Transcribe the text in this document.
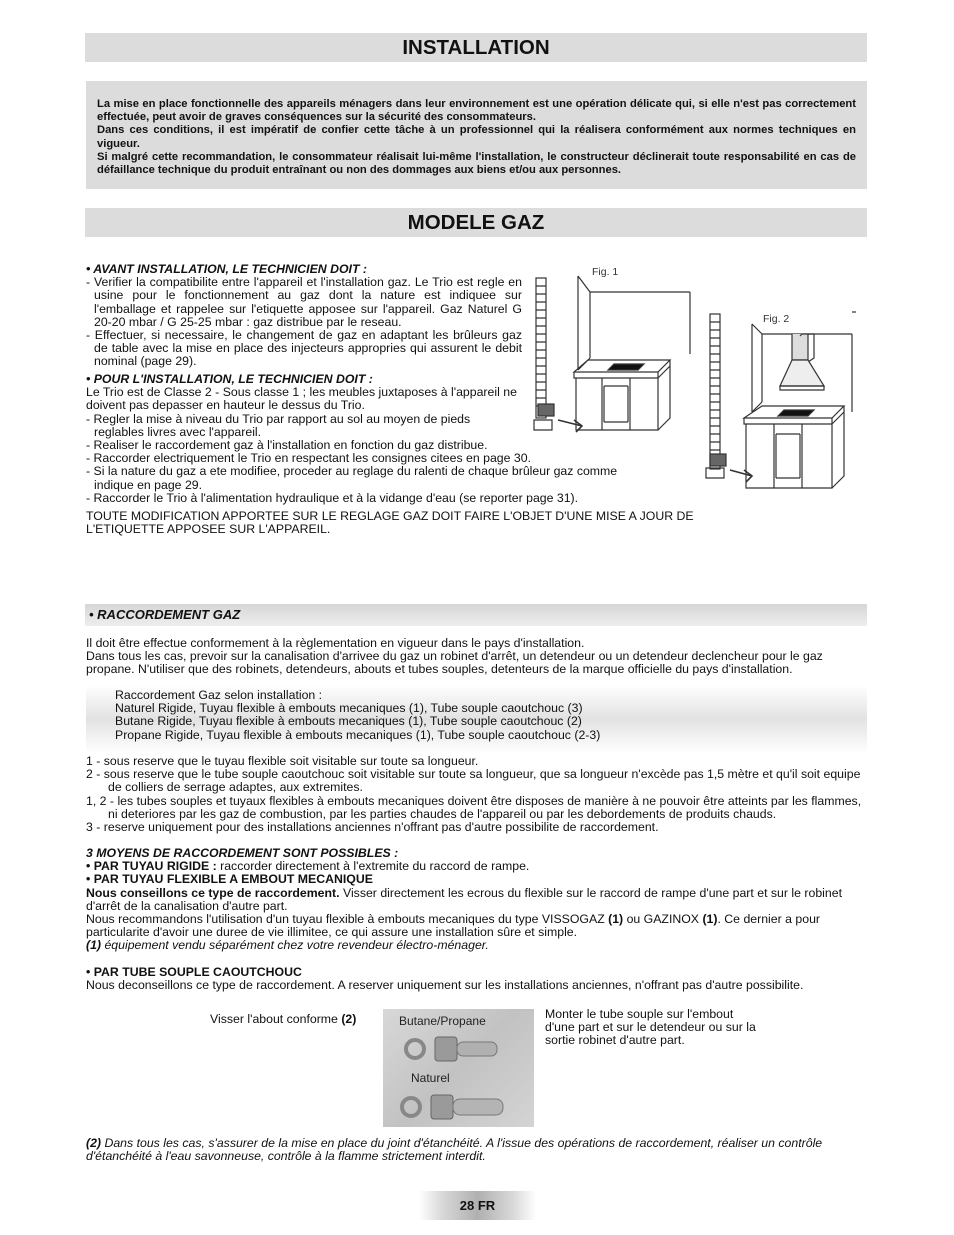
INSTALLATION

La mise en place fonctionnelle des appareils ménagers dans leur environnement est une opération délicate qui, si elle n'est pas correctement effectuée, peut avoir de graves conséquences sur la sécurité des consommateurs.
Dans ces conditions, il est impératif de confier cette tâche à un professionnel qui la réalisera conformément aux normes techniques en vigueur.
Si malgré cette recommandation, le consommateur réalisait lui-même l'installation, le constructeur déclinerait toute responsabilité en cas de défaillance technique du produit entraînant ou non des dommages aux biens et/ou aux personnes.

MODELE GAZ

• AVANT INSTALLATION, LE TECHNICIEN DOIT :

- Verifier la compatibilite entre l'appareil et l'installation gaz. Le Trio est regle en usine pour le fonctionnement au gaz dont la nature est indiquee sur l'emballage et rappelee sur l'etiquette apposee sur l'appareil. Gaz Naturel G 20-20 mbar / G 25-25 mbar : gaz distribue par le reseau.

- Effectuer, si necessaire, le changement de gaz en adaptant les brûleurs gaz de table avec la mise en place des injecteurs appropries qui assurent le debit nominal (page 29).

• POUR L'INSTALLATION, LE TECHNICIEN DOIT :

Le Trio est de Classe 2 - Sous classe 1 ; les meubles juxtaposes à l'appareil ne doivent pas depasser en hauteur le dessus du Trio.

- Regler la mise à niveau du Trio par rapport au sol au moyen de pieds reglables livres avec l'appareil.

- Realiser le raccordement gaz à l'installation en fonction du gaz distribue.

- Raccorder electriquement le Trio en respectant les consignes citees en page 30.

- Si la nature du gaz a ete modifiee, proceder au reglage du ralenti de chaque brûleur gaz comme indique en page 29.

- Raccorder le Trio à l'alimentation hydraulique et à la vidange d'eau (se reporter page 31).

TOUTE MODIFICATION APPORTEE SUR LE REGLAGE GAZ DOIT FAIRE L'OBJET D'UNE MISE A JOUR DE L'ETIQUETTE APPOSEE SUR L'APPAREIL.

Fig. 1
Fig. 2
• RACCORDEMENT GAZ

Il doit être effectue conformement à la règlementation en vigueur dans le pays d'installation.

Dans tous les cas, prevoir sur la canalisation d'arrivee du gaz un robinet d'arrêt, un detendeur ou un detendeur declencheur pour le gaz propane. N'utiliser que des robinets, detendeurs, abouts et tubes souples, detenteurs de la marque officielle du pays d'installation.

Raccordement Gaz selon installation :

Naturel Rigide, Tuyau flexible à embouts mecaniques (1), Tube souple caoutchouc (3)

Butane Rigide, Tuyau flexible à embouts mecaniques (1), Tube souple caoutchouc (2)

Propane Rigide, Tuyau flexible à embouts mecaniques (1), Tube souple caoutchouc (2-3)

1 - sous reserve que le tuyau flexible soit visitable sur toute sa longueur.

2 - sous reserve que le tube souple caoutchouc soit visitable sur toute sa longueur, que sa longueur n'excède pas 1,5 mètre et qu'il soit equipe de colliers de serrage adaptes, aux extremites.

1, 2 - les tubes souples et tuyaux flexibles à embouts mecaniques doivent être disposes de manière à ne pouvoir être atteints par les flammes, ni deteriores par les gaz de combustion, par les parties chaudes de l'appareil ou par les debordements de produits chauds.

3 - reserve uniquement pour des installations anciennes n'offrant pas d'autre possibilite de raccordement.

3 MOYENS DE RACCORDEMENT SONT POSSIBLES :

• PAR TUYAU RIGIDE : raccorder directement à l'extremite du raccord de rampe.

• PAR TUYAU FLEXIBLE A EMBOUT MECANIQUE

Nous conseillons ce type de raccordement. Visser directement les ecrous du flexible sur le raccord de rampe d'une part et sur le robinet d'arrêt de la canalisation d'autre part.

Nous recommandons l'utilisation d'un tuyau flexible à embouts mecaniques du type VISSOGAZ (1) ou GAZINOX (1). Ce dernier a pour particularite d'avoir une duree de vie illimitee, ce qui assure une installation sûre et simple.

(1) équipement vendu séparément chez votre revendeur électro-ménager.

• PAR TUBE SOUPLE CAOUTCHOUC

Nous deconseillons ce type de raccordement. A reserver uniquement sur les installations anciennes, n'offrant pas d'autre possibilite.

Visser l'about conforme (2)	Butane/Propane
Naturel
Monter le tube souple sur l'embout d'une part et sur le detendeur ou sur la sortie robinet d'autre part.
(2) Dans tous les cas, s'assurer de la mise en place du joint d'étanchéité. A l'issue des opérations de raccordement, réaliser un contrôle d'étanchéité à l'eau savonneuse, contrôle à la flamme strictement interdit.
28 FR
